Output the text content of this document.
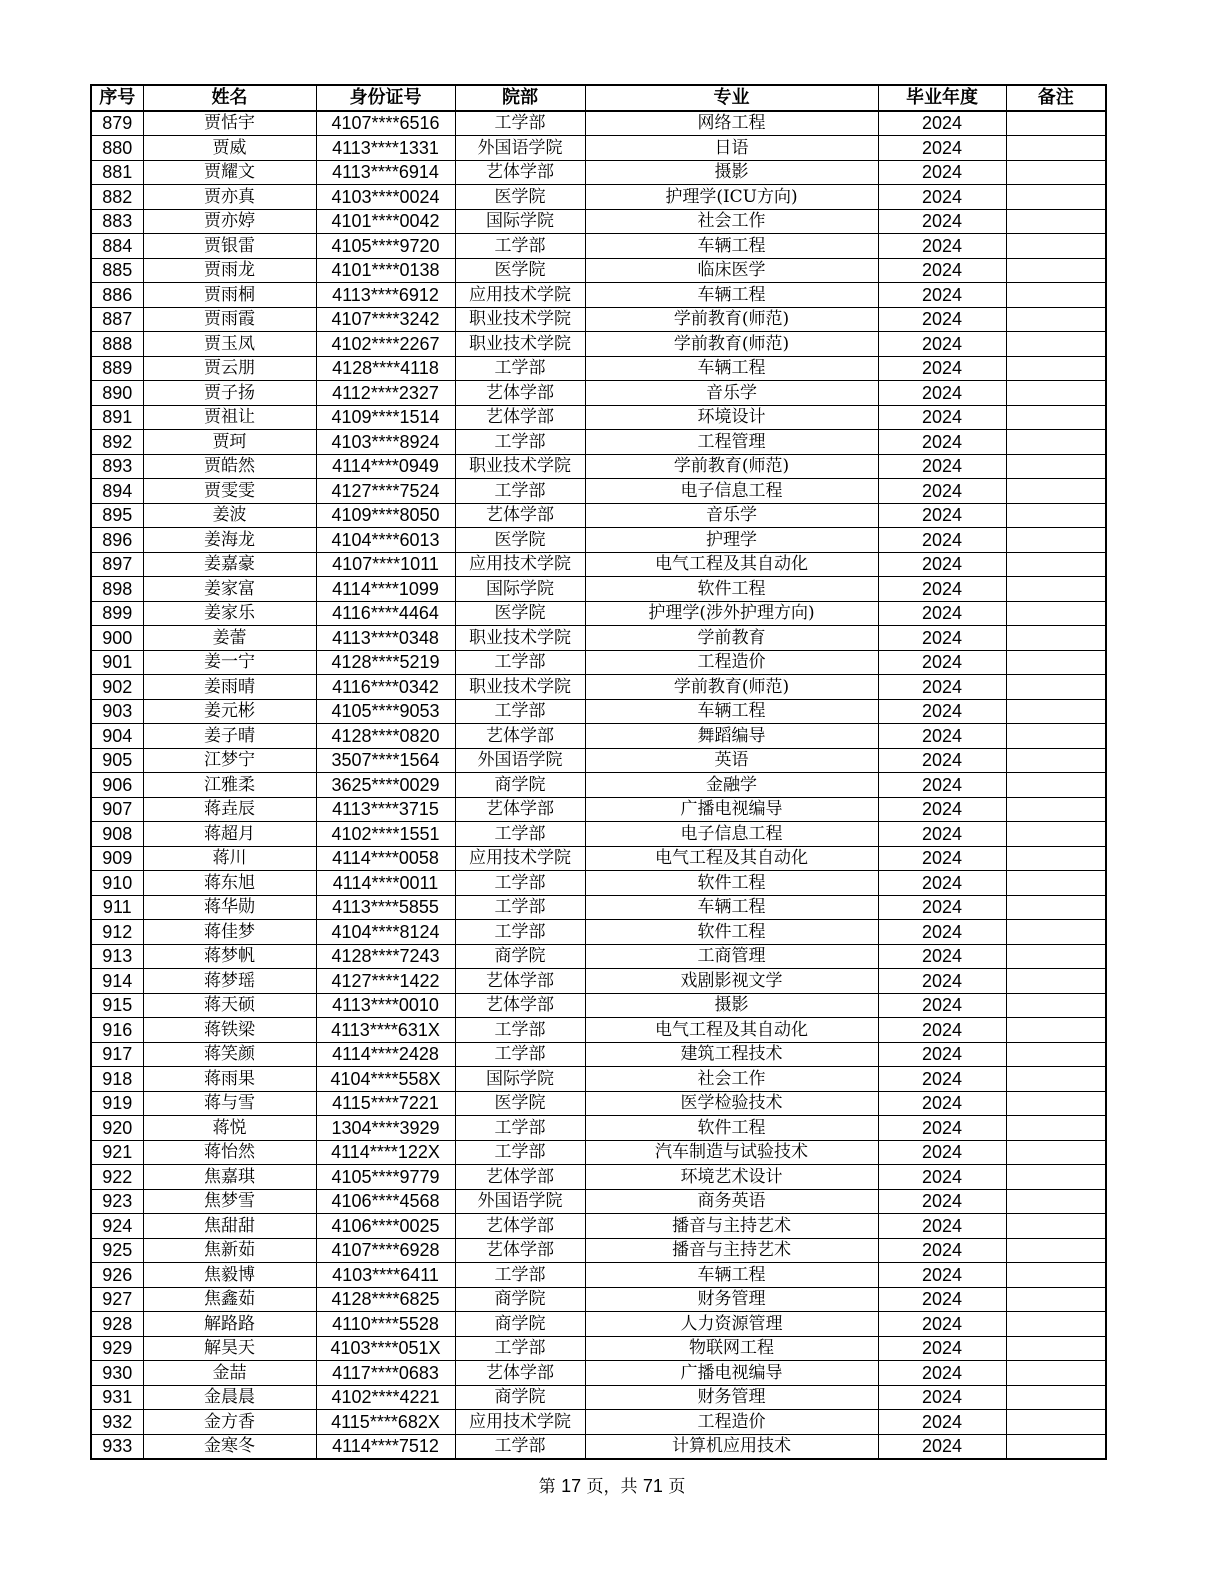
序号	姓名	身份证号	院部	专业	毕业年度	备注
879	贾恬宇	4107****6516	工学部	网络工程	2024	
880	贾威	4113****1331	外国语学院	日语	2024	
881	贾耀文	4113****6914	艺体学部	摄影	2024	
882	贾亦真	4103****0024	医学院	护理学(ICU方向)	2024	
883	贾亦婷	4101****0042	国际学院	社会工作	2024	
884	贾银雷	4105****9720	工学部	车辆工程	2024	
885	贾雨龙	4101****0138	医学院	临床医学	2024	
886	贾雨桐	4113****6912	应用技术学院	车辆工程	2024	
887	贾雨霞	4107****3242	职业技术学院	学前教育(师范)	2024	
888	贾玉凤	4102****2267	职业技术学院	学前教育(师范)	2024	
889	贾云朋	4128****4118	工学部	车辆工程	2024	
890	贾子扬	4112****2327	艺体学部	音乐学	2024	
891	贾祖让	4109****1514	艺体学部	环境设计	2024	
892	贾珂	4103****8924	工学部	工程管理	2024	
893	贾皓然	4114****0949	职业技术学院	学前教育(师范)	2024	
894	贾雯雯	4127****7524	工学部	电子信息工程	2024	
895	姜波	4109****8050	艺体学部	音乐学	2024	
896	姜海龙	4104****6013	医学院	护理学	2024	
897	姜嘉豪	4107****1011	应用技术学院	电气工程及其自动化	2024	
898	姜家富	4114****1099	国际学院	软件工程	2024	
899	姜家乐	4116****4464	医学院	护理学(涉外护理方向)	2024	
900	姜蕾	4113****0348	职业技术学院	学前教育	2024	
901	姜一宁	4128****5219	工学部	工程造价	2024	
902	姜雨晴	4116****0342	职业技术学院	学前教育(师范)	2024	
903	姜元彬	4105****9053	工学部	车辆工程	2024	
904	姜子晴	4128****0820	艺体学部	舞蹈编导	2024	
905	江梦宁	3507****1564	外国语学院	英语	2024	
906	江雅柔	3625****0029	商学院	金融学	2024	
907	蒋垚辰	4113****3715	艺体学部	广播电视编导	2024	
908	蒋超月	4102****1551	工学部	电子信息工程	2024	
909	蒋川	4114****0058	应用技术学院	电气工程及其自动化	2024	
910	蒋东旭	4114****0011	工学部	软件工程	2024	
911	蒋华勋	4113****5855	工学部	车辆工程	2024	
912	蒋佳梦	4104****8124	工学部	软件工程	2024	
913	蒋梦帆	4128****7243	商学院	工商管理	2024	
914	蒋梦瑶	4127****1422	艺体学部	戏剧影视文学	2024	
915	蒋天硕	4113****0010	艺体学部	摄影	2024	
916	蒋铁梁	4113****631X	工学部	电气工程及其自动化	2024	
917	蒋笑颜	4114****2428	工学部	建筑工程技术	2024	
918	蒋雨果	4104****558X	国际学院	社会工作	2024	
919	蒋与雪	4115****7221	医学院	医学检验技术	2024	
920	蒋悦	1304****3929	工学部	软件工程	2024	
921	蒋怡然	4114****122X	工学部	汽车制造与试验技术	2024	
922	焦嘉琪	4105****9779	艺体学部	环境艺术设计	2024	
923	焦梦雪	4106****4568	外国语学院	商务英语	2024	
924	焦甜甜	4106****0025	艺体学部	播音与主持艺术	2024	
925	焦新茹	4107****6928	艺体学部	播音与主持艺术	2024	
926	焦毅博	4103****6411	工学部	车辆工程	2024	
927	焦鑫茹	4128****6825	商学院	财务管理	2024	
928	解路路	4110****5528	商学院	人力资源管理	2024	
929	解昊天	4103****051X	工学部	物联网工程	2024	
930	金喆	4117****0683	艺体学部	广播电视编导	2024	
931	金晨晨	4102****4221	商学院	财务管理	2024	
932	金方香	4115****682X	应用技术学院	工程造价	2024	
933	金寒冬	4114****7512	工学部	计算机应用技术	2024	
第 17 页，共 71 页
